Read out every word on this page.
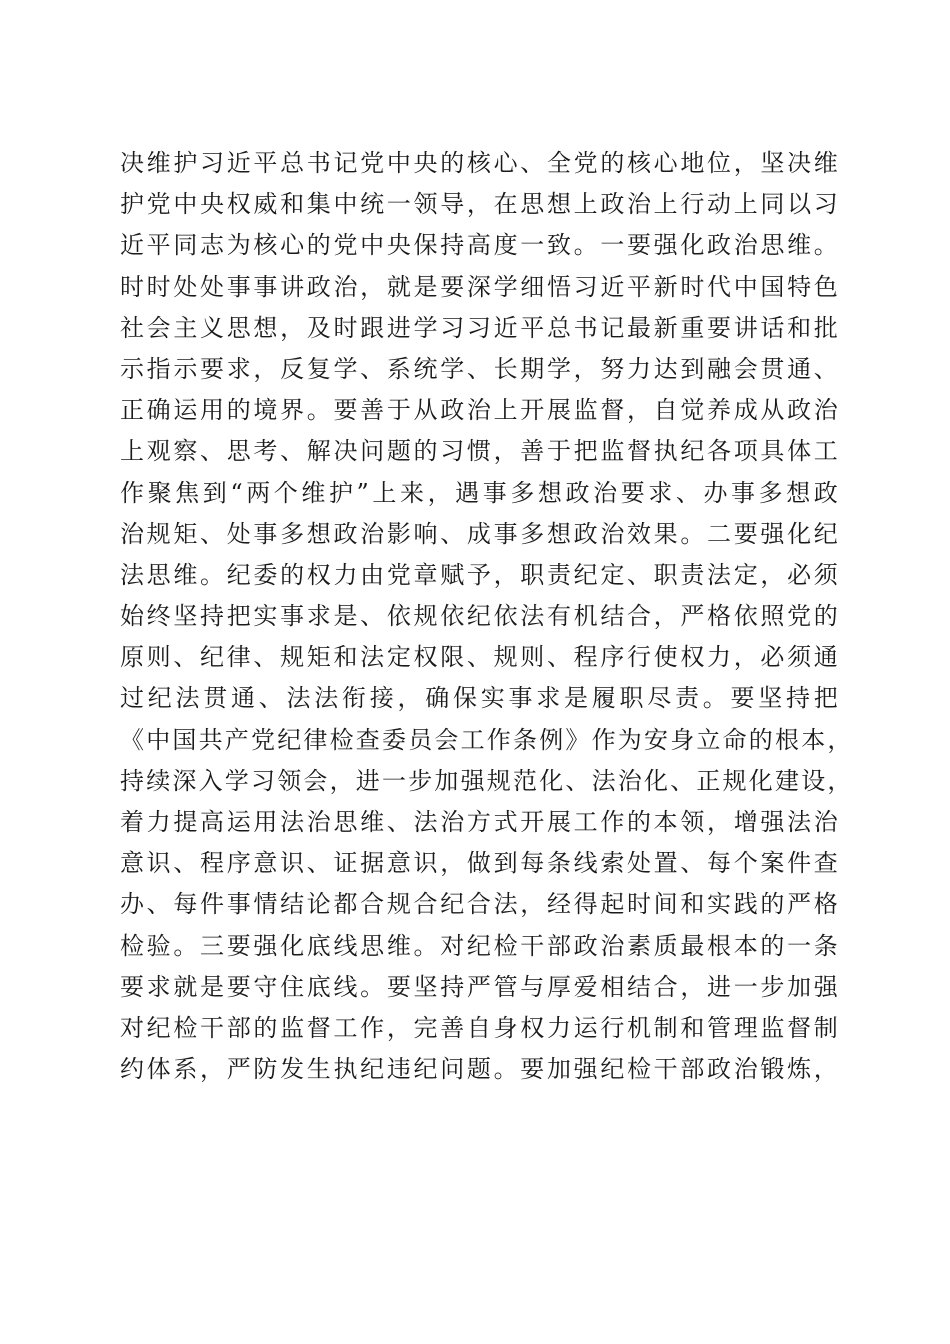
决维护习近平总书记党中央的核心、全党的核心地位，坚决维
护党中央权威和集中统一领导，在思想上政治上行动上同以习
近平同志为核心的党中央保持高度一致。一要强化政治思维。
时时处处事事讲政治，就是要深学细悟习近平新时代中国特色
社会主义思想，及时跟进学习习近平总书记最新重要讲话和批
示指示要求，反复学、系统学、长期学，努力达到融会贯通、
正确运用的境界。要善于从政治上开展监督，自觉养成从政治
上观察、思考、解决问题的习惯，善于把监督执纪各项具体工
作聚焦到“两个维护”上来，遇事多想政治要求、办事多想政
治规矩、处事多想政治影响、成事多想政治效果。二要强化纪
法思维。纪委的权力由党章赋予，职责纪定、职责法定，必须
始终坚持把实事求是、依规依纪依法有机结合，严格依照党的
原则、纪律、规矩和法定权限、规则、程序行使权力，必须通
过纪法贯通、法法衔接，确保实事求是履职尽责。要坚持把
《中国共产党纪律检查委员会工作条例》作为安身立命的根本，
持续深入学习领会，进一步加强规范化、法治化、正规化建设，
着力提高运用法治思维、法治方式开展工作的本领，增强法治
意识、程序意识、证据意识，做到每条线索处置、每个案件查
办、每件事情结论都合规合纪合法，经得起时间和实践的严格
检验。三要强化底线思维。对纪检干部政治素质最根本的一条
要求就是要守住底线。要坚持严管与厚爱相结合，进一步加强
对纪检干部的监督工作，完善自身权力运行机制和管理监督制
约体系，严防发生执纪违纪问题。要加强纪检干部政治锻炼，
